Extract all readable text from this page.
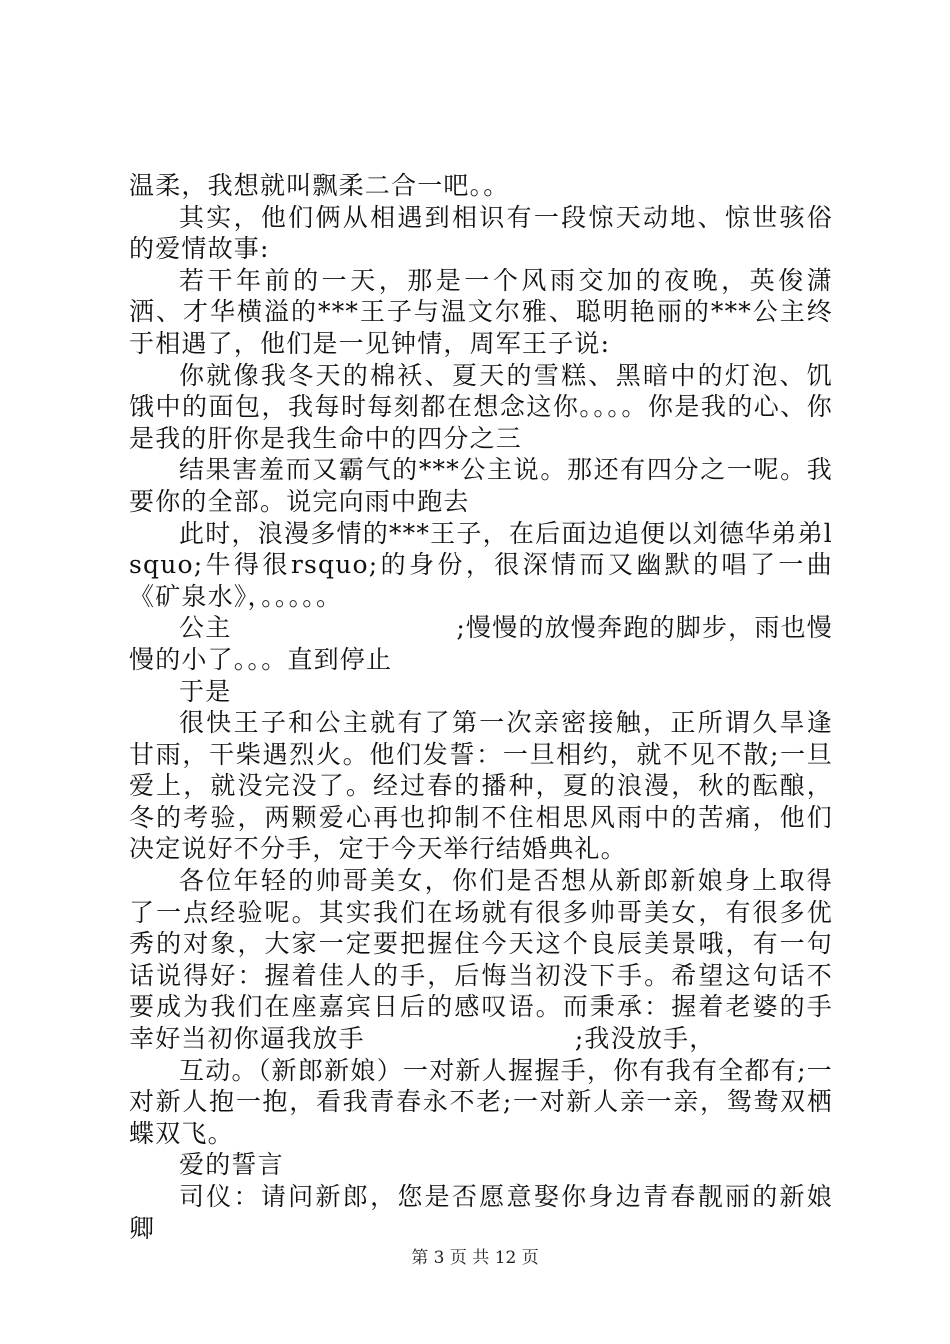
温柔，我想就叫飘柔二合一吧。。

其实，他们俩从相遇到相识有一段惊天动地、惊世骇俗的爱情故事:

若干年前的一天，那是一个风雨交加的夜晚，英俊潇洒、才华横溢的***王子与温文尔雅、聪明艳丽的***公主终于相遇了，他们是一见钟情，周军王子说:

你就像我冬天的棉袄、夏天的雪糕、黑暗中的灯泡、饥饿中的面包，我每时每刻都在想念这你。。。。你是我的心、你是我的肝你是我生命中的四分之三

结果害羞而又霸气的***公主说。那还有四分之一呢。我要你的全部。说完向雨中跑去

此时，浪漫多情的***王子，在后面边追便以刘德华弟弟lsquo;牛得很rsquo;的身份，很深情而又幽默的唱了一曲《矿泉水》，。。。。。

公主	;慢慢的放慢奔跑的脚步，雨也慢慢的小了。。。直到停止

于是

很快王子和公主就有了第一次亲密接触，正所谓久旱逢甘雨，干柴遇烈火。他们发誓：一旦相约，就不见不散;一旦爱上，就没完没了。经过春的播种，夏的浪漫，秋的酝酿，冬的考验，两颗爱心再也抑制不住相思风雨中的苦痛，他们决定说好不分手，定于今天举行结婚典礼。

各位年轻的帅哥美女，你们是否想从新郎新娘身上取得了一点经验呢。其实我们在场就有很多帅哥美女，有很多优秀的对象，大家一定要把握住今天这个良辰美景哦，有一句话说得好：握着佳人的手，后悔当初没下手。希望这句话不要成为我们在座嘉宾日后的感叹语。而秉承：握着老婆的手幸好当初你逼我放手	;我没放手，

互动。（新郎新娘）一对新人握握手，你有我有全都有;一对新人抱一抱，看我青春永不老;一对新人亲一亲，鸳鸯双栖蝶双飞。

爱的誓言

司仪：请问新郎，您是否愿意娶你身边青春靓丽的新娘卿

第 3 页 共 12 页
